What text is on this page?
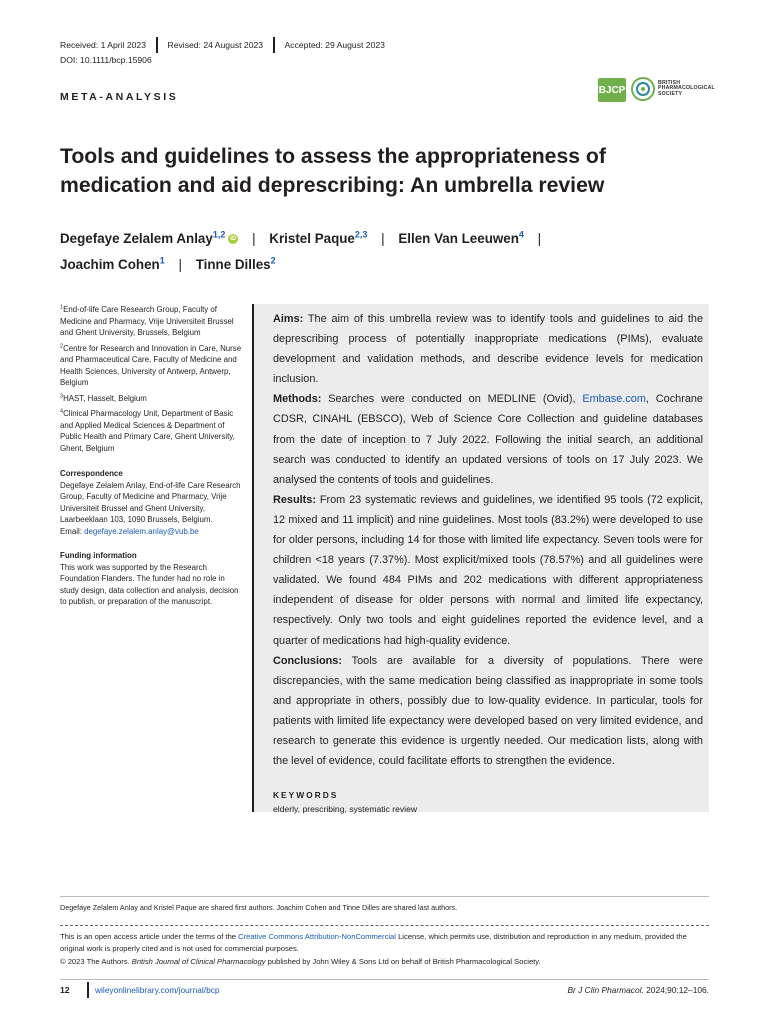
Received: 1 April 2023	Revised: 24 August 2023	Accepted: 29 August 2023
DOI: 10.1111/bcp.15906
META-ANALYSIS
BJCP
BRITISH
PHARMACOLOGICAL
SOCIETY
Tools and guidelines to assess the appropriateness of medication and aid deprescribing: An umbrella review
Degefaye Zelalem Anlay$^{1,2}$ iD | Kristel Paque$^{2,3}$ | Ellen Van Leeuwen$^4$ |
Joachim Cohen$^1$ | Tinne Dilles$^2$
$^1$End-of-life Care Research Group, Faculty of Medicine and Pharmacy, Vrije Universiteit Brussel and Ghent University, Brussels, Belgium
$^2$Centre for Research and Innovation in Care, Nurse and Pharmaceutical Care, Faculty of Medicine and Health Sciences, University of Antwerp, Antwerp, Belgium
$^3$HAST, Hasselt, Belgium
$^4$Clinical Pharmacology Unit, Department of Basic and Applied Medical Sciences & Department of Public Health and Primary Care, Ghent University, Ghent, Belgium
Correspondence
Degefaye Zelalem Anlay, End-of-life Care Research Group, Faculty of Medicine and Pharmacy, Vrije Universiteit Brussel and Ghent University, Laarbeeklaan 103, 1090 Brussels, Belgium.
Email: degefaye.zelalem.anlay@vub.be
Funding information
This work was supported by the Research Foundation Flanders. The funder had no role in study design, data collection and analysis, decision to publish, or preparation of the manuscript.

Aims: The aim of this umbrella review was to identify tools and guidelines to aid the deprescribing process of potentially inappropriate medications (PIMs), evaluate development and validation methods, and describe evidence levels for medication inclusion.

Methods: Searches were conducted on MEDLINE (Ovid), Embase.com, Cochrane CDSR, CINAHL (EBSCO), Web of Science Core Collection and guideline databases from the date of inception to 7 July 2022. Following the initial search, an additional search was conducted to identify an updated versions of tools on 17 July 2023. We analysed the contents of tools and guidelines.

Results: From 23 systematic reviews and guidelines, we identified 95 tools (72 explicit, 12 mixed and 11 implicit) and nine guidelines. Most tools (83.2%) were developed to use for older persons, including 14 for those with limited life expectancy. Seven tools were for children <18 years (7.37%). Most explicit/mixed tools (78.57%) and all guidelines were validated. We found 484 PIMs and 202 medications with different appropriateness independent of disease for older persons with normal and limited life expectancy, respectively. Only two tools and eight guidelines reported the evidence level, and a quarter of medications had high-quality evidence.

Conclusions: Tools are available for a diversity of populations. There were discrepancies, with the same medication being classified as inappropriate in some tools and appropriate in others, possibly due to low-quality evidence. In particular, tools for patients with limited life expectancy were developed based on very limited evidence, and research to generate this evidence is urgently needed. Our medication lists, along with the level of evidence, could facilitate efforts to strengthen the evidence.

KEYWORDS
elderly, prescribing, systematic review
Degefaye Zelalem Anlay and Kristel Paque are shared first authors. Joachim Cohen and Tinne Dilles are shared last authors.
This is an open access article under the terms of the Creative Commons Attribution-NonCommercial License, which permits use, distribution and reproduction in any medium, provided the original work is properly cited and is not used for commercial purposes.
© 2023 The Authors. British Journal of Clinical Pharmacology published by John Wiley & Sons Ltd on behalf of British Pharmacological Society.
12	wileyonlinelibrary.com/journal/bcp	Br J Clin Pharmacol. 2024;90:12–106.
